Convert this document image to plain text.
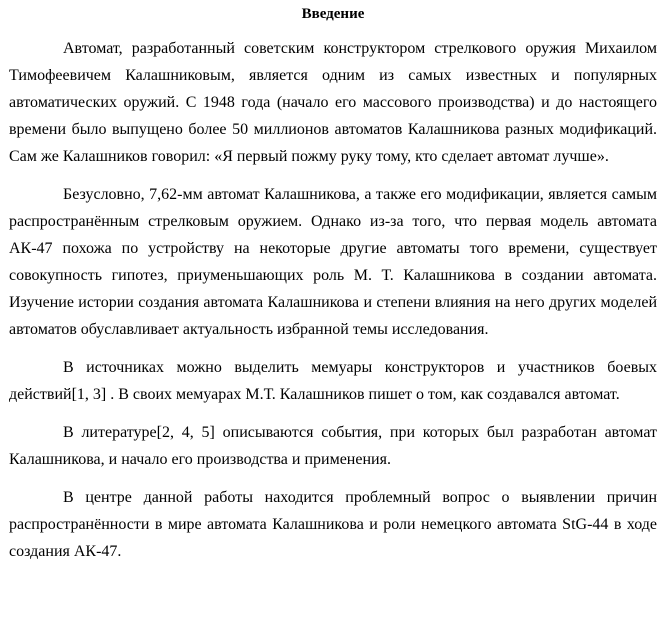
Введение

Автомат, разработанный советским конструктором стрелкового оружия Михаилом Тимофеевичем Калашниковым, является одним из самых известных и популярных автоматических оружий. С 1948 года (начало его массового производства) и до настоящего времени было выпущено более 50 миллионов автоматов Калашникова разных модификаций. Сам же Калашников говорил: «Я первый пожму руку тому, кто сделает автомат лучше».

Безусловно, 7,62-мм автомат Калашникова, а также его модификации, является самым распространённым стрелковым оружием. Однако из-за того, что первая модель автомата АК-47 похожа по устройству на некоторые другие автоматы того времени, существует совокупность гипотез, приуменьшающих роль М. Т. Калашникова в создании автомата. Изучение истории создания автомата Калашникова и степени влияния на него других моделей автоматов обуславливает актуальность избранной темы исследования.

В источниках можно выделить мемуары конструкторов и участников боевых действий[1, 3] . В своих мемуарах М.Т. Калашников пишет о том, как создавался автомат.

В литературе[2, 4, 5] описываются события, при которых был разработан автомат Калашникова, и начало его производства и применения.

В центре данной работы находится проблемный вопрос о выявлении причин распространённости в мире автомата Калашникова и роли немецкого автомата StG-44 в ходе создания АК-47.
